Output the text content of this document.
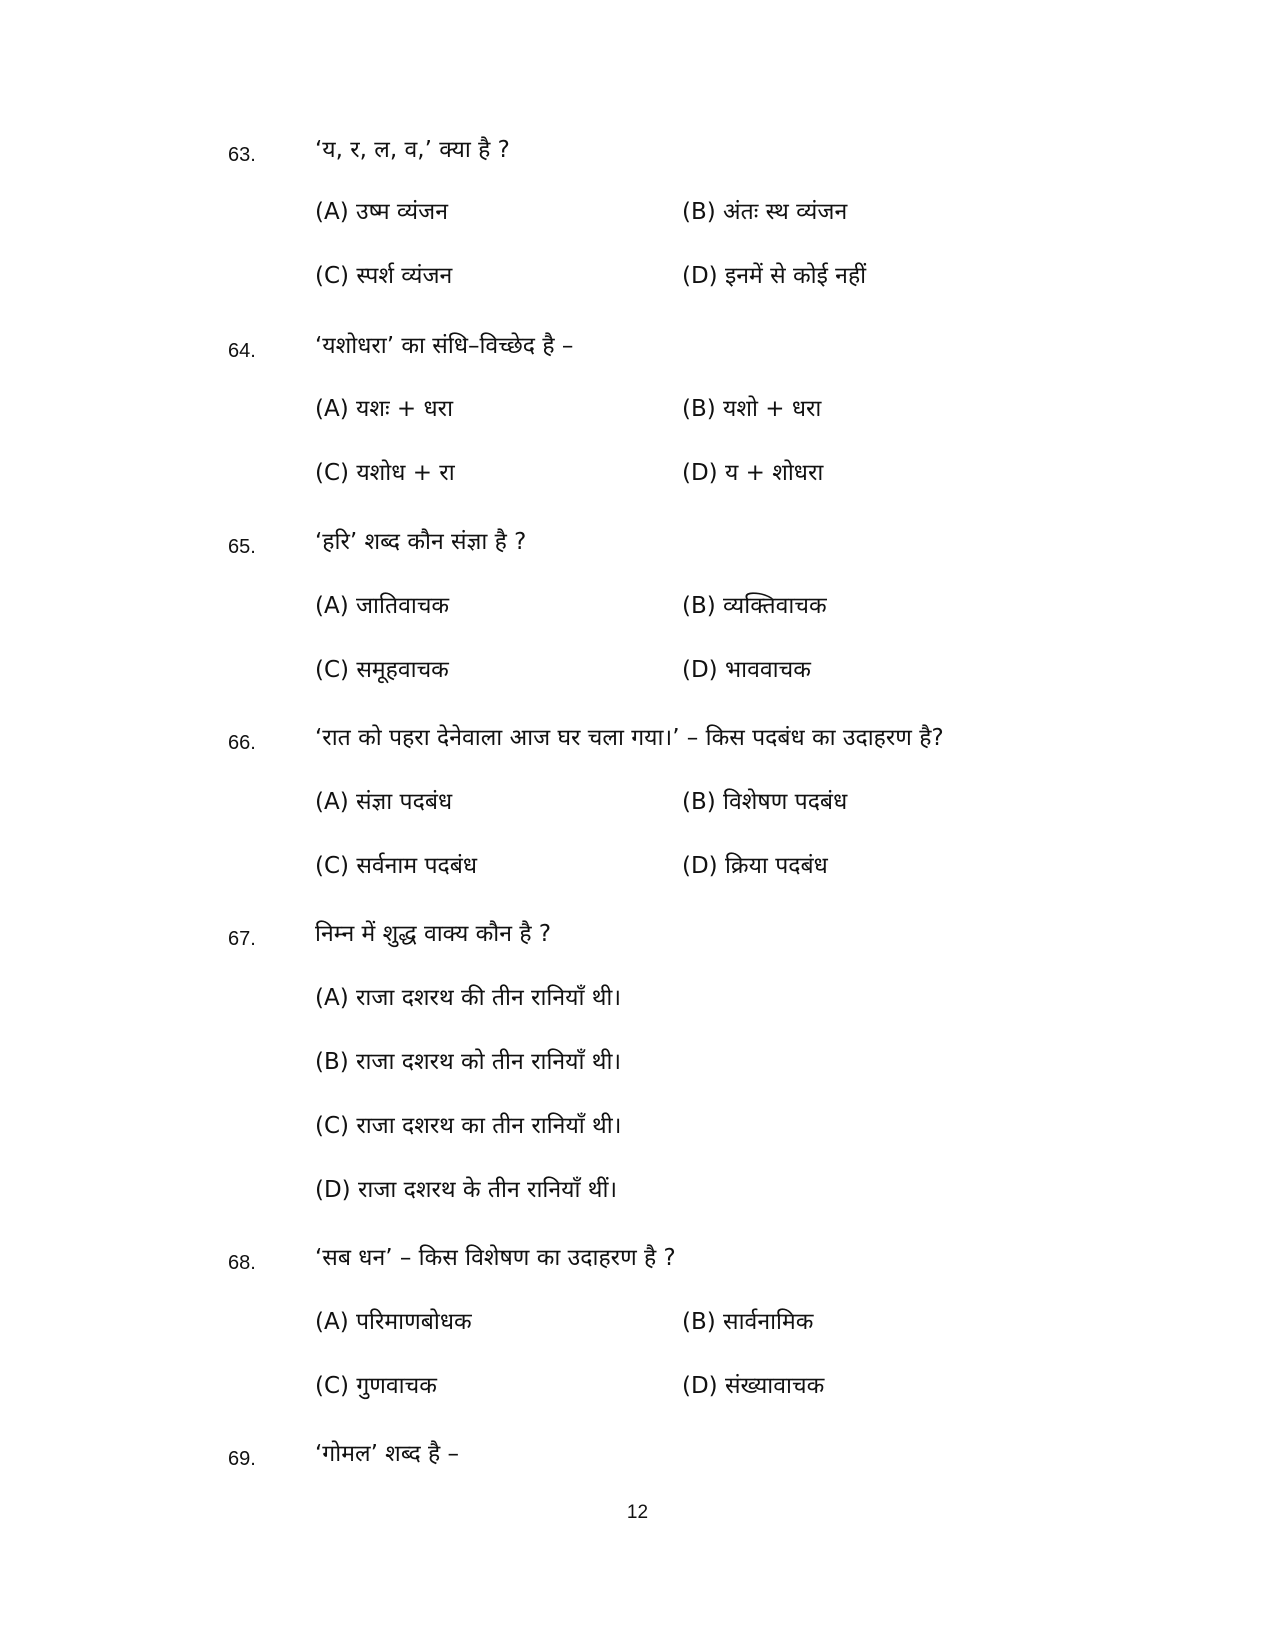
63.	‘य, र, ल, व,’ क्या है ?
(A) उष्म व्यंजन	(B) अंतः स्थ व्यंजन
(C) स्पर्श व्यंजन	(D) इनमें से कोई नहीं
64.	‘यशोधरा’ का संधि–विच्छेद है –
(A) यशः + धरा	(B) यशो + धरा
(C) यशोध + रा	(D) य + शोधरा
65.	‘हरि’ शब्द कौन संज्ञा है ?
(A) जातिवाचक	(B) व्यक्तिवाचक
(C) समूहवाचक	(D) भाववाचक
66.	‘रात को पहरा देनेवाला आज घर चला गया।’ – किस पदबंध का उदाहरण है?
(A) संज्ञा पदबंध	(B) विशेषण पदबंध
(C) सर्वनाम पदबंध	(D) क्रिया पदबंध
67.	निम्न में शुद्ध वाक्य कौन है ?
(A) राजा दशरथ की तीन रानियाँ थी।
(B) राजा दशरथ को तीन रानियाँ थी।
(C) राजा दशरथ का तीन रानियाँ थी।
(D) राजा दशरथ के तीन रानियाँ थीं।
68.	‘सब धन’ – किस विशेषण का उदाहरण है ?
(A) परिमाणबोधक	(B) सार्वनामिक
(C) गुणवाचक	(D) संख्यावाचक
69.	‘गोमल’ शब्द है –
12
